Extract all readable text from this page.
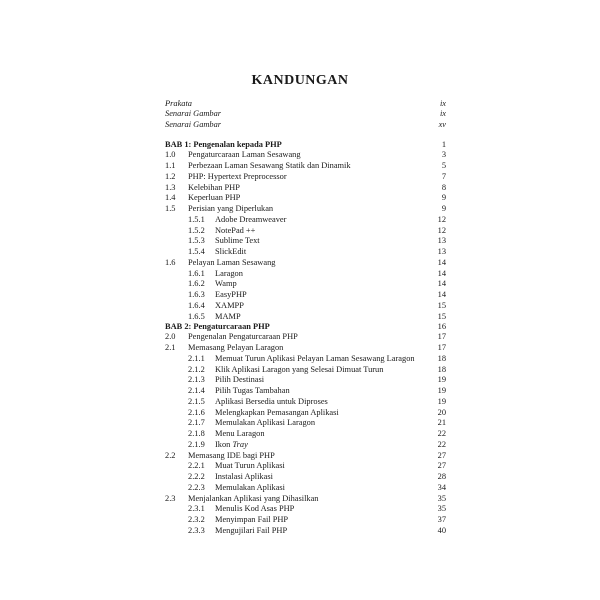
KANDUNGAN
Prakata	ix
Senarai Gambar	ix
Senarai Gambar	xv
BAB 1: Pengenalan kepada PHP	1
1.0 Pengaturcaraan Laman Sesawang	3
1.1 Perbezaan Laman Sesawang Statik dan Dinamik	5
1.2 PHP: Hypertext Preprocessor	7
1.3 Kelebihan PHP	8
1.4 Keperluan PHP	9
1.5 Perisian yang Diperlukan	9
1.5.1 Adobe Dreamweaver	12
1.5.2 NotePad ++	12
1.5.3 Sublime Text	13
1.5.4 SlickEdit	13
1.6 Pelayan Laman Sesawang	14
1.6.1 Laragon	14
1.6.2 Wamp	14
1.6.3 EasyPHP	14
1.6.4 XAMPP	15
1.6.5 MAMP	15
BAB 2: Pengaturcaraan PHP	16
2.0 Pengenalan Pengaturcaraan PHP	17
2.1 Memasang Pelayan Laragon	17
2.1.1 Memuat Turun Aplikasi Pelayan Laman Sesawang Laragon	18
2.1.2 Klik Aplikasi Laragon yang Selesai Dimuat Turun	18
2.1.3 Pilih Destinasi	19
2.1.4 Pilih Tugas Tambahan	19
2.1.5 Aplikasi Bersedia untuk Diproses	19
2.1.6 Melengkapkan Pemasangan Aplikasi	20
2.1.7 Memulakan Aplikasi Laragon	21
2.1.8 Menu Laragon	22
2.1.9 Ikon Tray	22
2.2 Memasang IDE bagi PHP	27
2.2.1 Muat Turun Aplikasi	27
2.2.2 Instalasi Aplikasi	28
2.2.3 Memulakan Aplikasi	34
2.3 Menjalankan Aplikasi yang Dihasilkan	35
2.3.1 Menulis Kod Asas PHP	35
2.3.2 Menyimpan Fail PHP	37
2.3.3 Mengujilari Fail PHP	40
